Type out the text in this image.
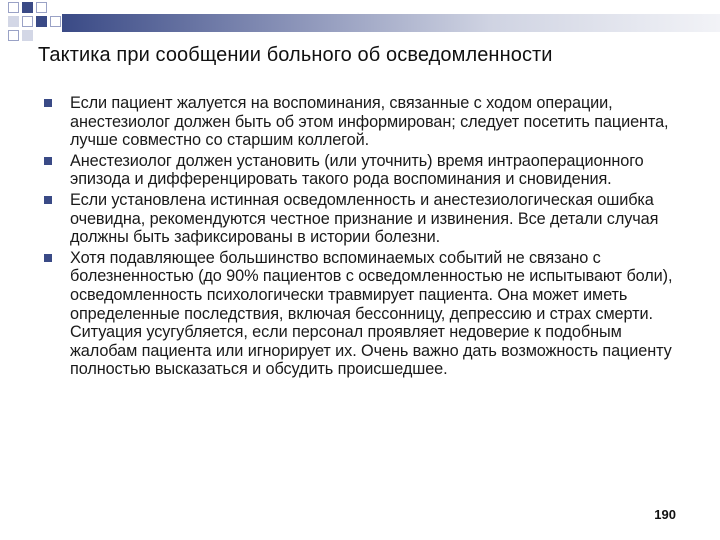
Тактика при сообщении больного об осведомленности
Если пациент жалуется на воспоминания, связанные с ходом операции, анестезиолог должен быть об этом информирован; следует посетить пациента, лучше совместно со старшим коллегой.
Анестезиолог должен установить (или уточнить) время интраоперационного эпизода и дифференцировать такого рода воспоминания и сновидения.
Если установлена истинная осведомленность и анестезиологическая ошибка очевидна, рекомендуются честное признание и извинения. Все детали случая должны быть зафиксированы в истории болезни.
Хотя подавляющее большинство вспоминаемых событий не связано с болезненностью (до 90% пациентов с осведомленностью не испытывают боли), осведомленность психологически травмирует пациента. Она может иметь определенные последствия, включая бессонницу, депрессию и страх смерти. Ситуация усугубляется, если персонал проявляет недоверие к подобным жалобам пациента или игнорирует их. Очень важно дать возможность пациенту полностью высказаться и обсудить происшедшее.
190
